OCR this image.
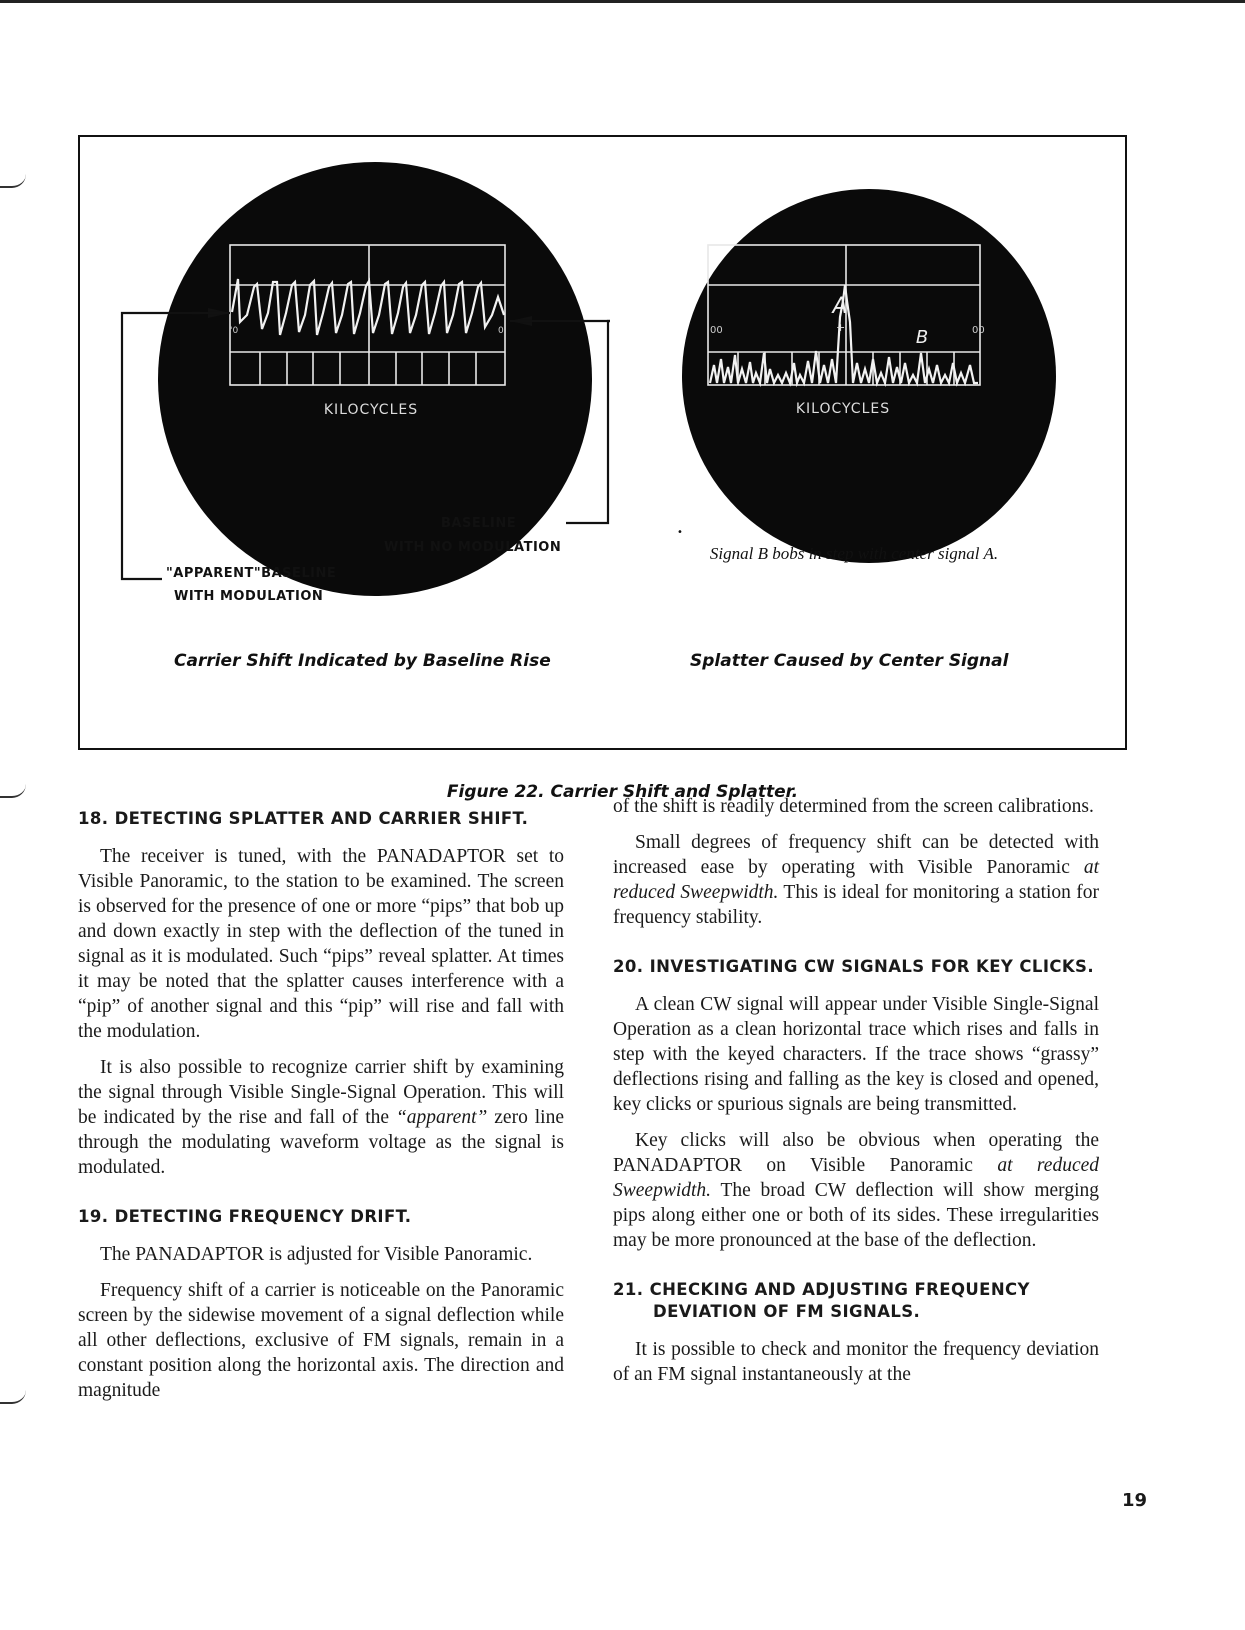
'0	0
KILOCYCLES
00	00
+
A
B
KILOCYCLES
•
BASELINE
WITH NO MODULATION
"APPARENT"BASELINE
WITH MODULATION
Carrier Shift Indicated by Baseline Rise
Signal B bobs in step with center signal A.
Splatter Caused by Center Signal
Figure 22. Carrier Shift and Splatter.
18. DETECTING SPLATTER AND CARRIER SHIFT.

The receiver is tuned, with the PANADAPTOR set to Visible Panoramic, to the station to be examined. The screen is observed for the presence of one or more “pips” that bob up and down exactly in step with the deflection of the tuned in signal as it is modulated. Such “pips” reveal splatter. At times it may be noted that the splatter causes interference with a “pip” of another signal and this “pip” will rise and fall with the modulation.

It is also possible to recognize carrier shift by examining the signal through Visible Single-Signal Operation. This will be indicated by the rise and fall of the “apparent” zero line through the modulating waveform voltage as the signal is modulated.

19. DETECTING FREQUENCY DRIFT.

The PANADAPTOR is adjusted for Visible Panoramic.

Frequency shift of a carrier is noticeable on the Panoramic screen by the sidewise movement of a signal deflection while all other deflections, exclusive of FM signals, remain in a constant position along the horizontal axis. The direction and magnitude

of the shift is readily determined from the screen calibrations.

Small degrees of frequency shift can be detected with increased ease by operating with Visible Panoramic at reduced Sweepwidth. This is ideal for monitoring a station for frequency stability.

20. INVESTIGATING CW SIGNALS FOR KEY CLICKS.

A clean CW signal will appear under Visible Single-Signal Operation as a clean horizontal trace which rises and falls in step with the keyed characters. If the trace shows “grassy” deflections rising and falling as the key is closed and opened, key clicks or spurious signals are being transmitted.

Key clicks will also be obvious when operating the PANADAPTOR on Visible Panoramic at reduced Sweepwidth. The broad CW deflection will show merging pips along either one or both of its sides. These irregularities may be more pronounced at the base of the deflection.

21. CHECKING AND ADJUSTING FREQUENCY DEVIATION OF FM SIGNALS.

It is possible to check and monitor the frequency deviation of an FM signal instantaneously at the

19
